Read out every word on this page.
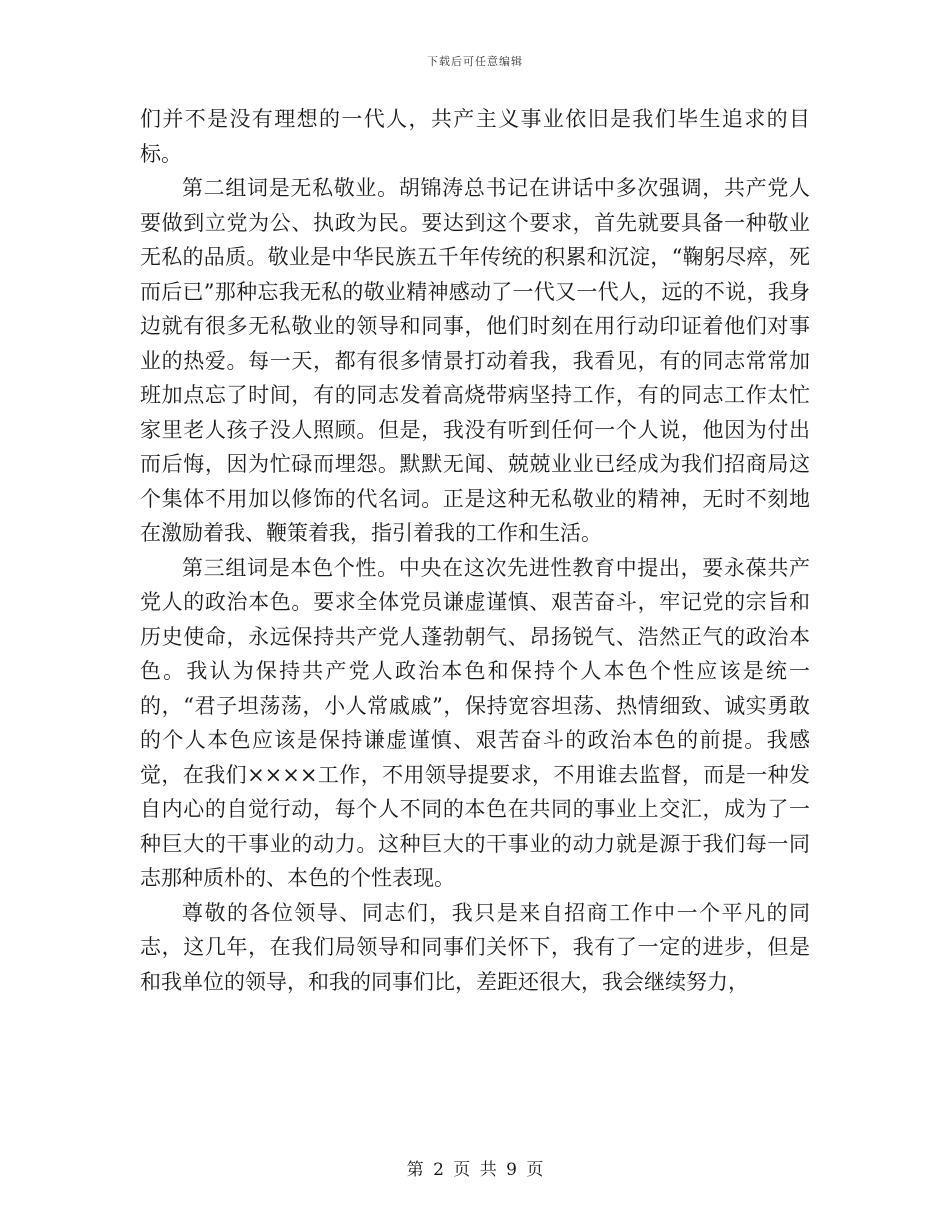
下载后可任意编辑

们并不是没有理想的一代人，共产主义事业依旧是我们毕生追求的目标。

第二组词是无私敬业。胡锦涛总书记在讲话中多次强调，共产党人要做到立党为公、执政为民。要达到这个要求，首先就要具备一种敬业无私的品质。敬业是中华民族五千年传统的积累和沉淀，“鞠躬尽瘁，死而后已”那种忘我无私的敬业精神感动了一代又一代人，远的不说，我身边就有很多无私敬业的领导和同事，他们时刻在用行动印证着他们对事业的热爱。每一天，都有很多情景打动着我，我看见，有的同志常常加班加点忘了时间，有的同志发着高烧带病坚持工作，有的同志工作太忙家里老人孩子没人照顾。但是，我没有听到任何一个人说，他因为付出而后悔，因为忙碌而埋怨。默默无闻、兢兢业业已经成为我们招商局这个集体不用加以修饰的代名词。正是这种无私敬业的精神，无时不刻地在激励着我、鞭策着我，指引着我的工作和生活。

第三组词是本色个性。中央在这次先进性教育中提出，要永葆共产党人的政治本色。要求全体党员谦虚谨慎、艰苦奋斗，牢记党的宗旨和历史使命，永远保持共产党人蓬勃朝气、昂扬锐气、浩然正气的政治本色。我认为保持共产党人政治本色和保持个人本色个性应该是统一的，“君子坦荡荡，小人常戚戚”，保持宽容坦荡、热情细致、诚实勇敢的个人本色应该是保持谦虚谨慎、艰苦奋斗的政治本色的前提。我感觉，在我们××××工作，不用领导提要求，不用谁去监督，而是一种发自内心的自觉行动，每个人不同的本色在共同的事业上交汇，成为了一种巨大的干事业的动力。这种巨大的干事业的动力就是源于我们每一同志那种质朴的、本色的个性表现。

尊敬的各位领导、同志们，我只是来自招商工作中一个平凡的同志，这几年，在我们局领导和同事们关怀下，我有了一定的进步，但是和我单位的领导，和我的同事们比，差距还很大，我会继续努力，

第 2 页 共 9 页
